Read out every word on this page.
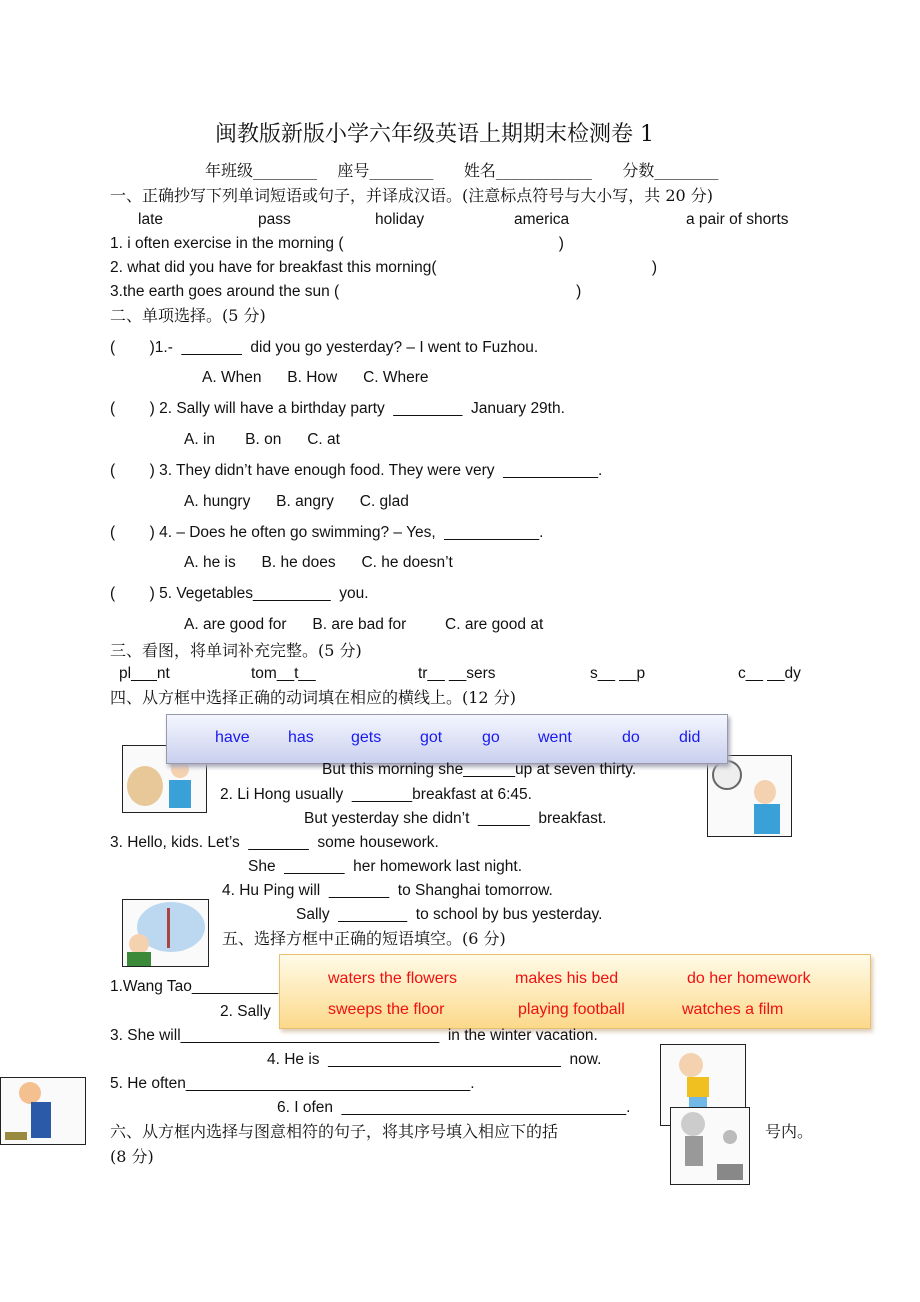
闽教版新版小学六年级英语上期期末检测卷 1
年班级________    座号________      姓名____________      分数________
一、正确抄写下列单词短语或句子，并译成汉语。(注意标点符号与大小写，共 20 分)
late	pass	holiday	america	a pair of shorts
1. i often exercise in the morning (                                                  )
2. what did you have for breakfast this morning(                                                  )
3.the earth goes around the sun (                                                       )
二、单项选择。(5 分)
(        )1.-  _______  did you go yesterday? – I went to Fuzhou.
A. When      B. How      C. Where
(        ) 2. Sally will have a birthday party  ________  January 29th.
A. in       B. on      C. at
(        ) 3. They didn’t have enough food. They were very  ___________.
A. hungry      B. angry      C. glad
(        ) 4. – Does he often go swimming? – Yes,  ___________.
A. he is      B. he does      C. he doesn’t
(        ) 5. Vegetables_________  you.
A. are good for      B. are bad for         C. are good at
三、看图，将单词补充完整。(5 分)
pl___nt	tom__t__	tr__ __sers	s__ __p	c__ __dy
四、从方框中选择正确的动词填在相应的横线上。(12 分)
have has gets got go went	do did
But this morning she______up at seven thirty.
2. Li Hong usually  _______breakfast at 6:45.
But yesterday she didn’t  ______  breakfast.
3. Hello, kids. Let’s  _______  some housework.
She  _______  her homework last night.
4. Hu Ping will  _______  to Shanghai tomorrow.
Sally  ________  to school by bus yesterday.
五、选择方框中正确的短语填空。(6 分)
1.Wang Tao__________
2. Sally
waters the flowers	makes his bed	do her homework
sweeps the floor	playing football	watches a film
3. She will______________________________  in the winter vacation.
4. He is  ___________________________  now.
5. He often_________________________________.
6. I ofen  _________________________________.
六、从方框内选择与图意相符的句子，将其序号填入相应下的括	号内。
(8 分)
